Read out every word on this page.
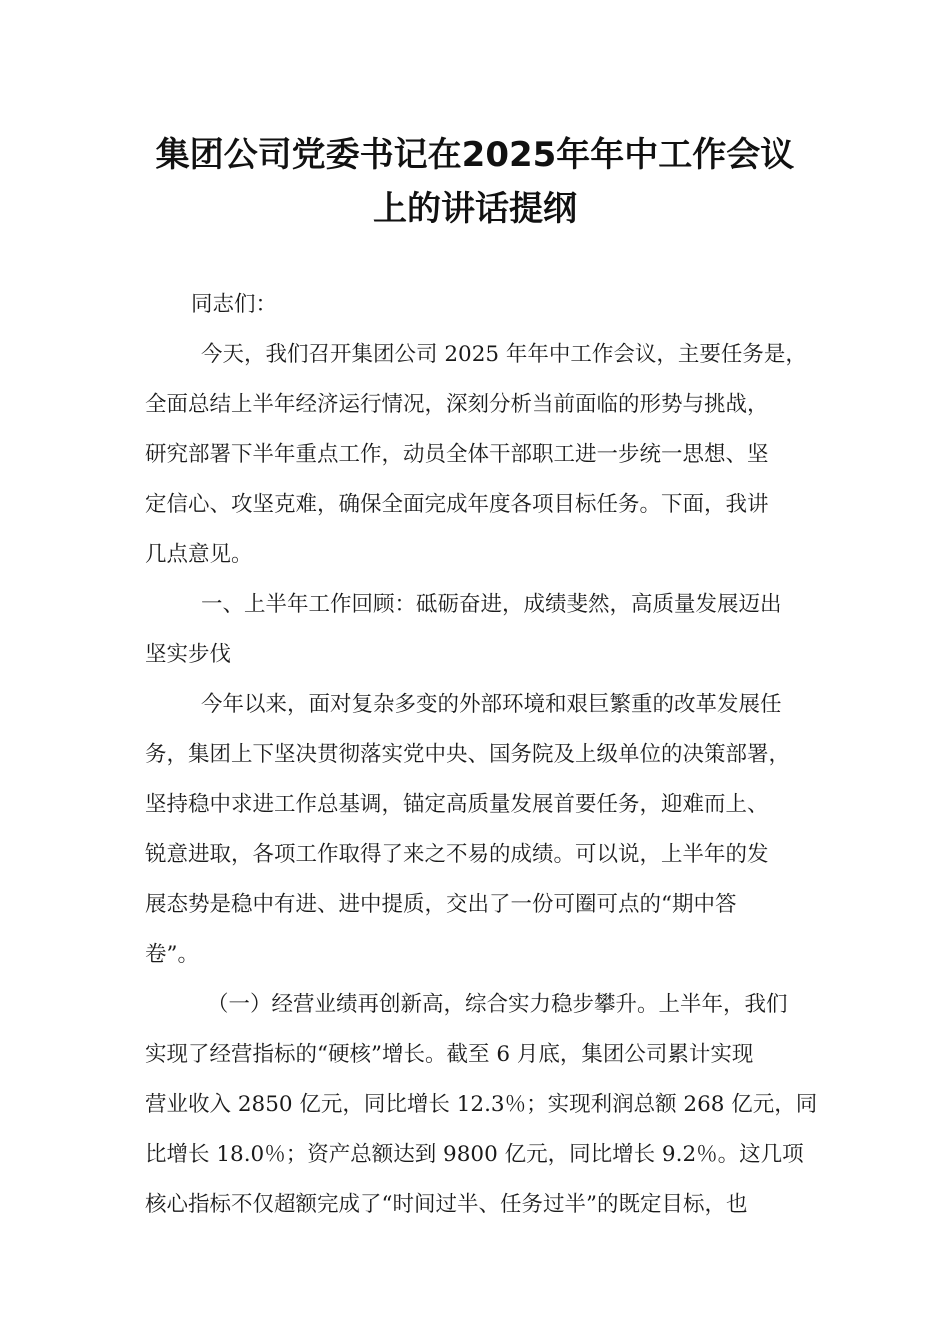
集团公司党委书记在2025年年中工作会议
上的讲话提纲
同志们：
今天，我们召开集团公司 2025 年年中工作会议，主要任务是，
全面总结上半年经济运行情况，深刻分析当前面临的形势与挑战，
研究部署下半年重点工作，动员全体干部职工进一步统一思想、坚
定信心、攻坚克难，确保全面完成年度各项目标任务。下面，我讲
几点意见。
一、上半年工作回顾：砥砺奋进，成绩斐然，高质量发展迈出
坚实步伐
今年以来，面对复杂多变的外部环境和艰巨繁重的改革发展任
务，集团上下坚决贯彻落实党中央、国务院及上级单位的决策部署，
坚持稳中求进工作总基调，锚定高质量发展首要任务，迎难而上、
锐意进取，各项工作取得了来之不易的成绩。可以说，上半年的发
展态势是稳中有进、进中提质，交出了一份可圈可点的“期中答
卷”。
（一）经营业绩再创新高，综合实力稳步攀升。上半年，我们
实现了经营指标的“硬核”增长。截至 6 月底，集团公司累计实现
营业收入 2850 亿元，同比增长 12.3％；实现利润总额 268 亿元，同
比增长 18.0％；资产总额达到 9800 亿元，同比增长 9.2％。这几项
核心指标不仅超额完成了“时间过半、任务过半”的既定目标，也
